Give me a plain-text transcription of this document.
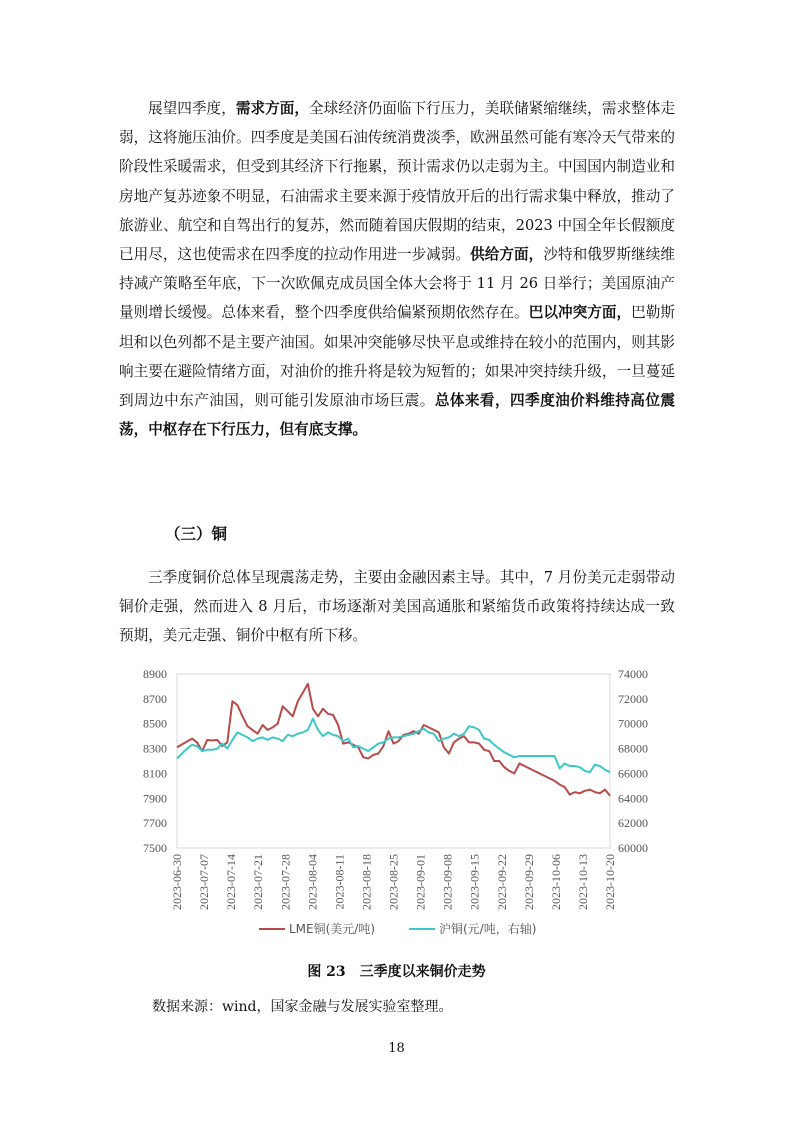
展望四季度，需求方面，全球经济仍面临下行压力，美联储紧缩继续，需求整体走弱，这将施压油价。四季度是美国石油传统消费淡季，欧洲虽然可能有寒冷天气带来的阶段性采暖需求，但受到其经济下行拖累，预计需求仍以走弱为主。中国国内制造业和房地产复苏迹象不明显，石油需求主要来源于疫情放开后的出行需求集中释放，推动了旅游业、航空和自驾出行的复苏，然而随着国庆假期的结束，2023 中国全年长假额度已用尽，这也使需求在四季度的拉动作用进一步减弱。供给方面，沙特和俄罗斯继续维持减产策略至年底，下一次欧佩克成员国全体大会将于 11 月 26 日举行；美国原油产量则增长缓慢。总体来看，整个四季度供给偏紧预期依然存在。巴以冲突方面，巴勒斯坦和以色列都不是主要产油国。如果冲突能够尽快平息或维持在较小的范围内，则其影响主要在避险情绪方面，对油价的推升将是较为短暂的；如果冲突持续升级，一旦蔓延到周边中东产油国，则可能引发原油市场巨震。总体来看，四季度油价料维持高位震荡，中枢存在下行压力，但有底支撑。

（三）铜

三季度铜价总体呈现震荡走势，主要由金融因素主导。其中，7 月份美元走弱带动铜价走强，然而进入 8 月后，市场逐渐对美国高通胀和紧缩货币政策将持续达成一致预期，美元走强、铜价中枢有所下移。

7500
7700
7900
8100
8300
8500
8700
8900
60000
62000
64000
66000
68000
70000
72000
74000
2023-06-30 2023-07-07 2023-07-14 2023-07-21 2023-07-28 2023-08-04 2023-08-11 2023-08-18 2023-08-25 2023-09-01 2023-09-08 2023-09-15 2023-09-22 2023-09-29 2023-10-06 2023-10-13 2023-10-20
LME铜(美元/吨)	沪铜(元/吨，右轴)

图 23　三季度以来铜价走势

数据来源：wind，国家金融与发展实验室整理。

18
